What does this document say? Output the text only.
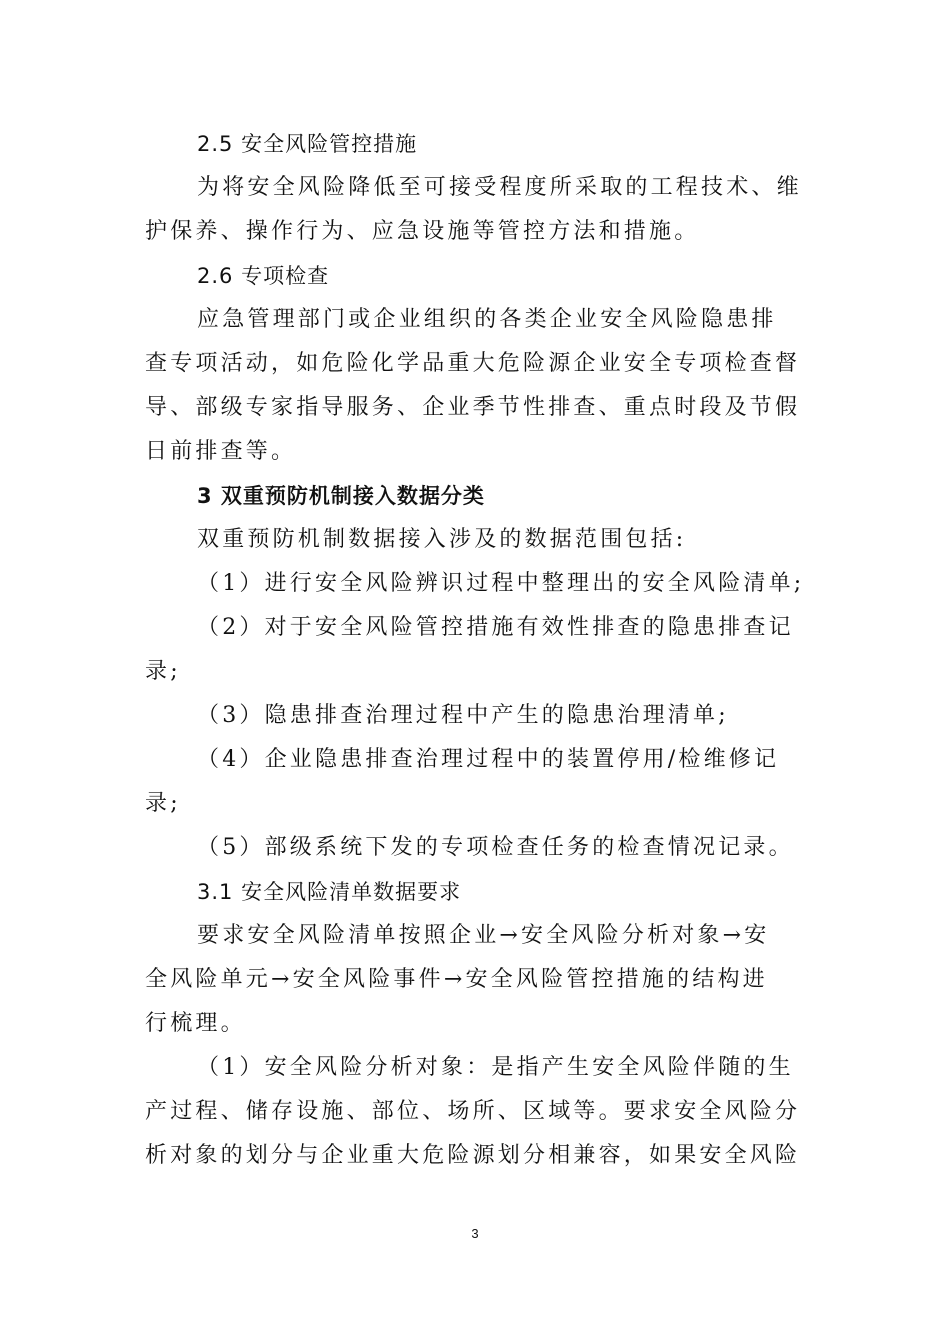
2.5 安全风险管控措施
为将安全风险降低至可接受程度所采取的工程技术、维
护保养、操作行为、应急设施等管控方法和措施。
2.6 专项检查
应急管理部门或企业组织的各类企业安全风险隐患排
查专项活动，如危险化学品重大危险源企业安全专项检查督
导、部级专家指导服务、企业季节性排查、重点时段及节假
日前排查等。
3 双重预防机制接入数据分类
双重预防机制数据接入涉及的数据范围包括:
（1）进行安全风险辨识过程中整理出的安全风险清单;
（2）对于安全风险管控措施有效性排查的隐患排查记
录;
（3）隐患排查治理过程中产生的隐患治理清单;
（4）企业隐患排查治理过程中的装置停用/检维修记
录;
（5）部级系统下发的专项检查任务的检查情况记录。
3.1 安全风险清单数据要求
要求安全风险清单按照企业→安全风险分析对象→安
全风险单元→安全风险事件→安全风险管控措施的结构进
行梳理。
（1）安全风险分析对象：是指产生安全风险伴随的生
产过程、储存设施、部位、场所、区域等。要求安全风险分
析对象的划分与企业重大危险源划分相兼容，如果安全风险
3
